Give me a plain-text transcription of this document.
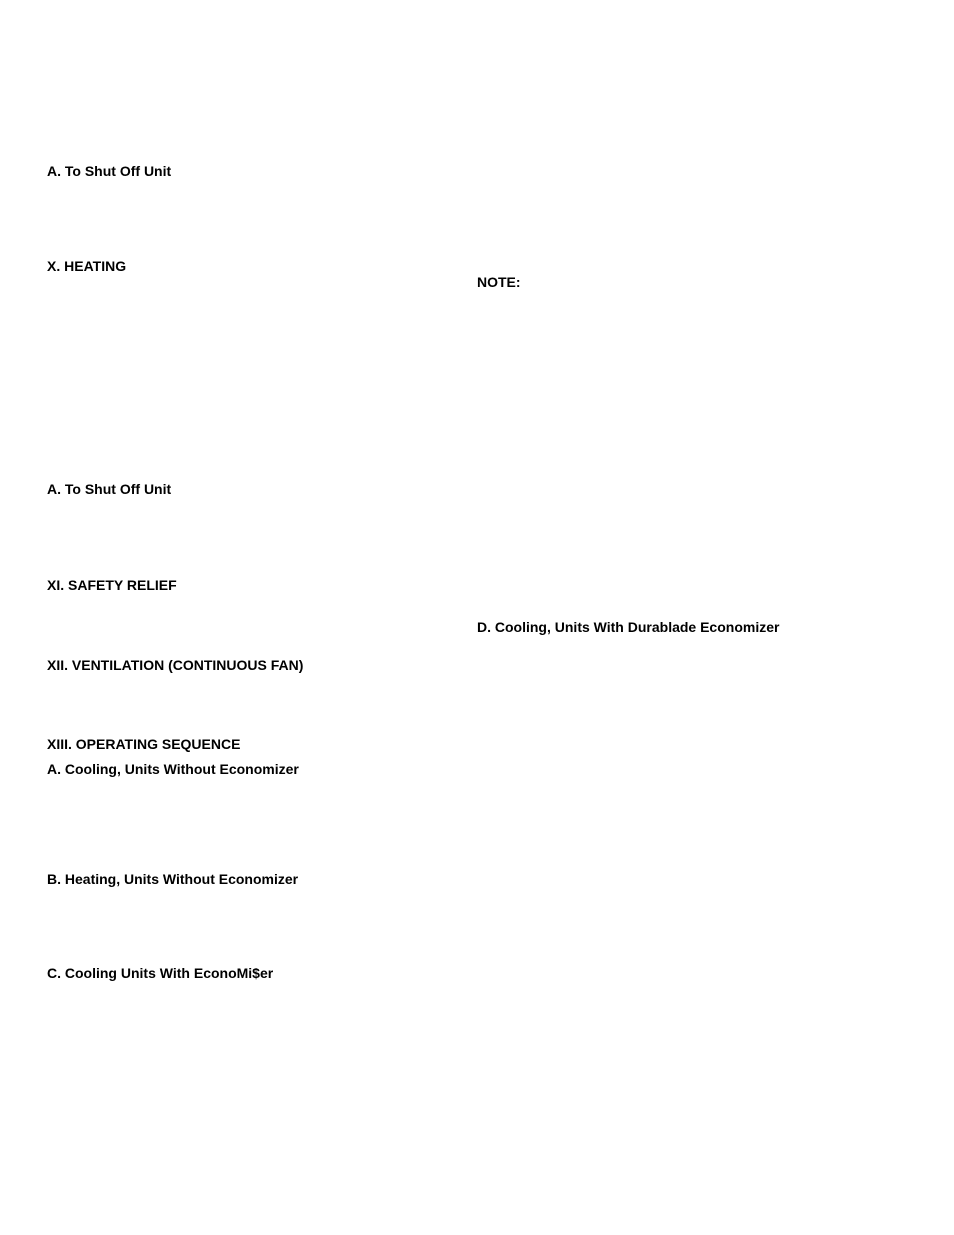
A. To Shut Off Unit
X. HEATING
NOTE:
A. To Shut Off Unit
XI. SAFETY RELIEF
D. Cooling, Units With Durablade Economizer
XII. VENTILATION (CONTINUOUS FAN)
XIII. OPERATING SEQUENCE
A. Cooling, Units Without Economizer
B. Heating, Units Without Economizer
C. Cooling Units With EconoMi$er
